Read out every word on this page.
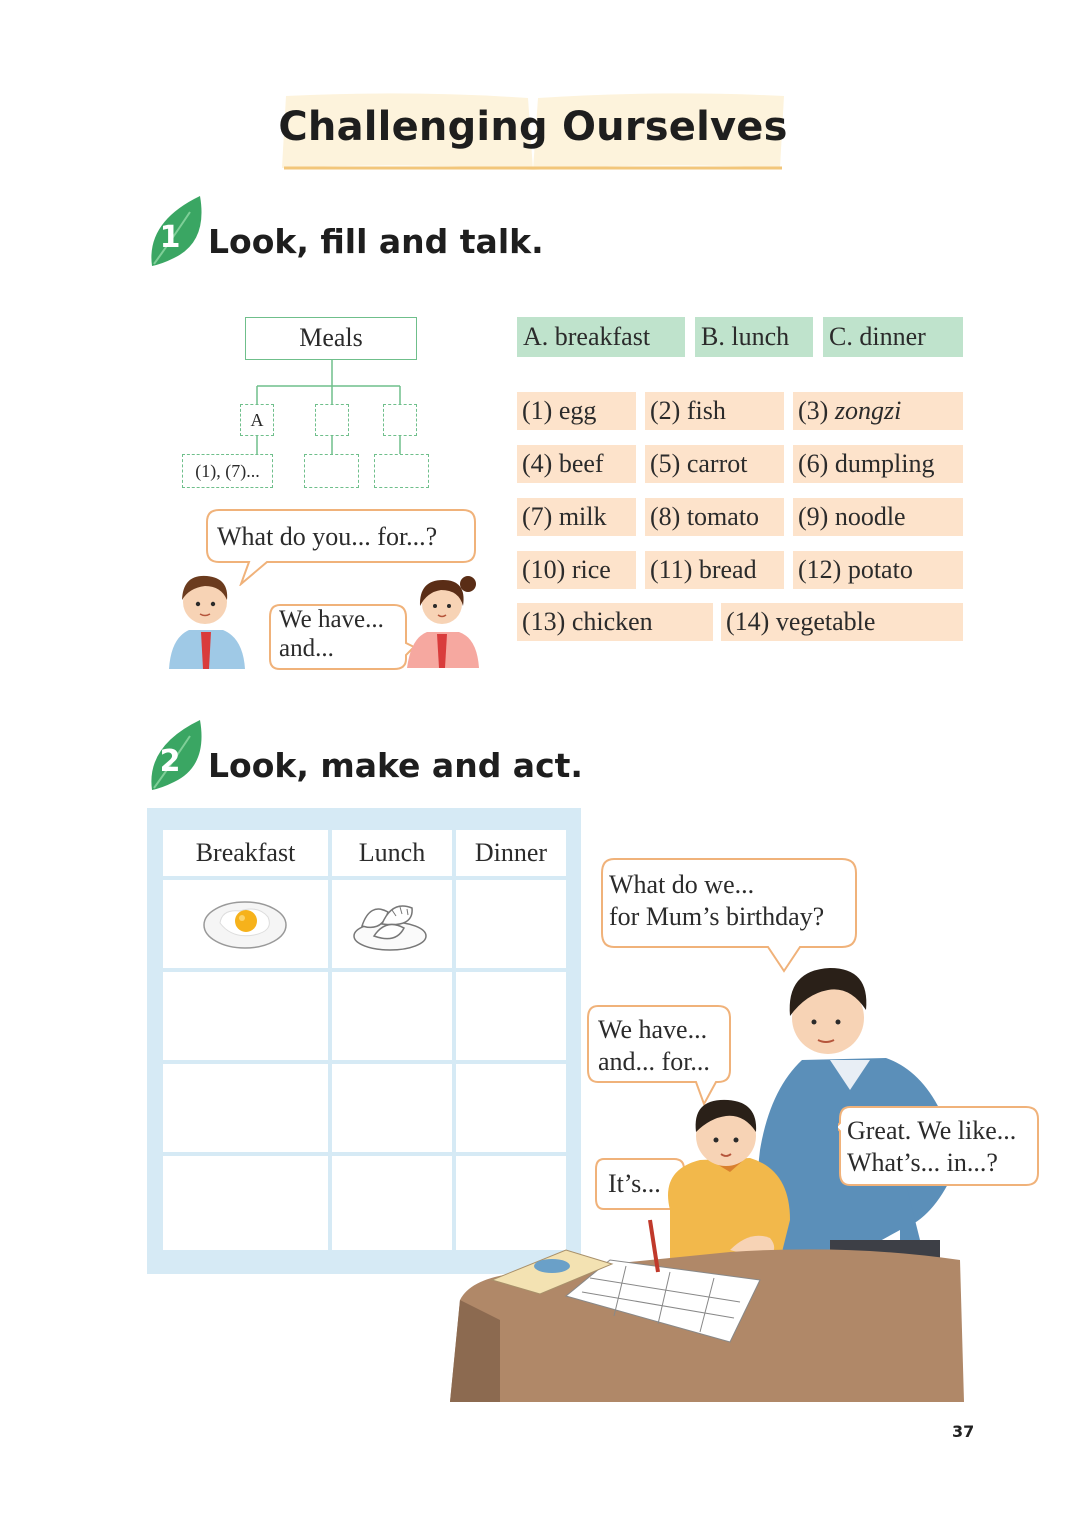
Challenging Ourselves
1 Look, fill and talk.
Meals
A
(1), (7)...
A. breakfast	B. lunch	C. dinner
(1) egg	(2) fish	(3) zongzi
(4) beef	(5) carrot	(6) dumpling
(7) milk	(8) tomato	(9) noodle
(10) rice	(11) bread	(12) potato
(13) chicken	(14) vegetable
What do you... for...?
We have...
and...
2 Look, make and act.
Breakfast	Lunch	Dinner
What do we...
for Mum’s birthday?
We have...
and... for...
It’s...
Great. We like...
What’s... in...?
37
